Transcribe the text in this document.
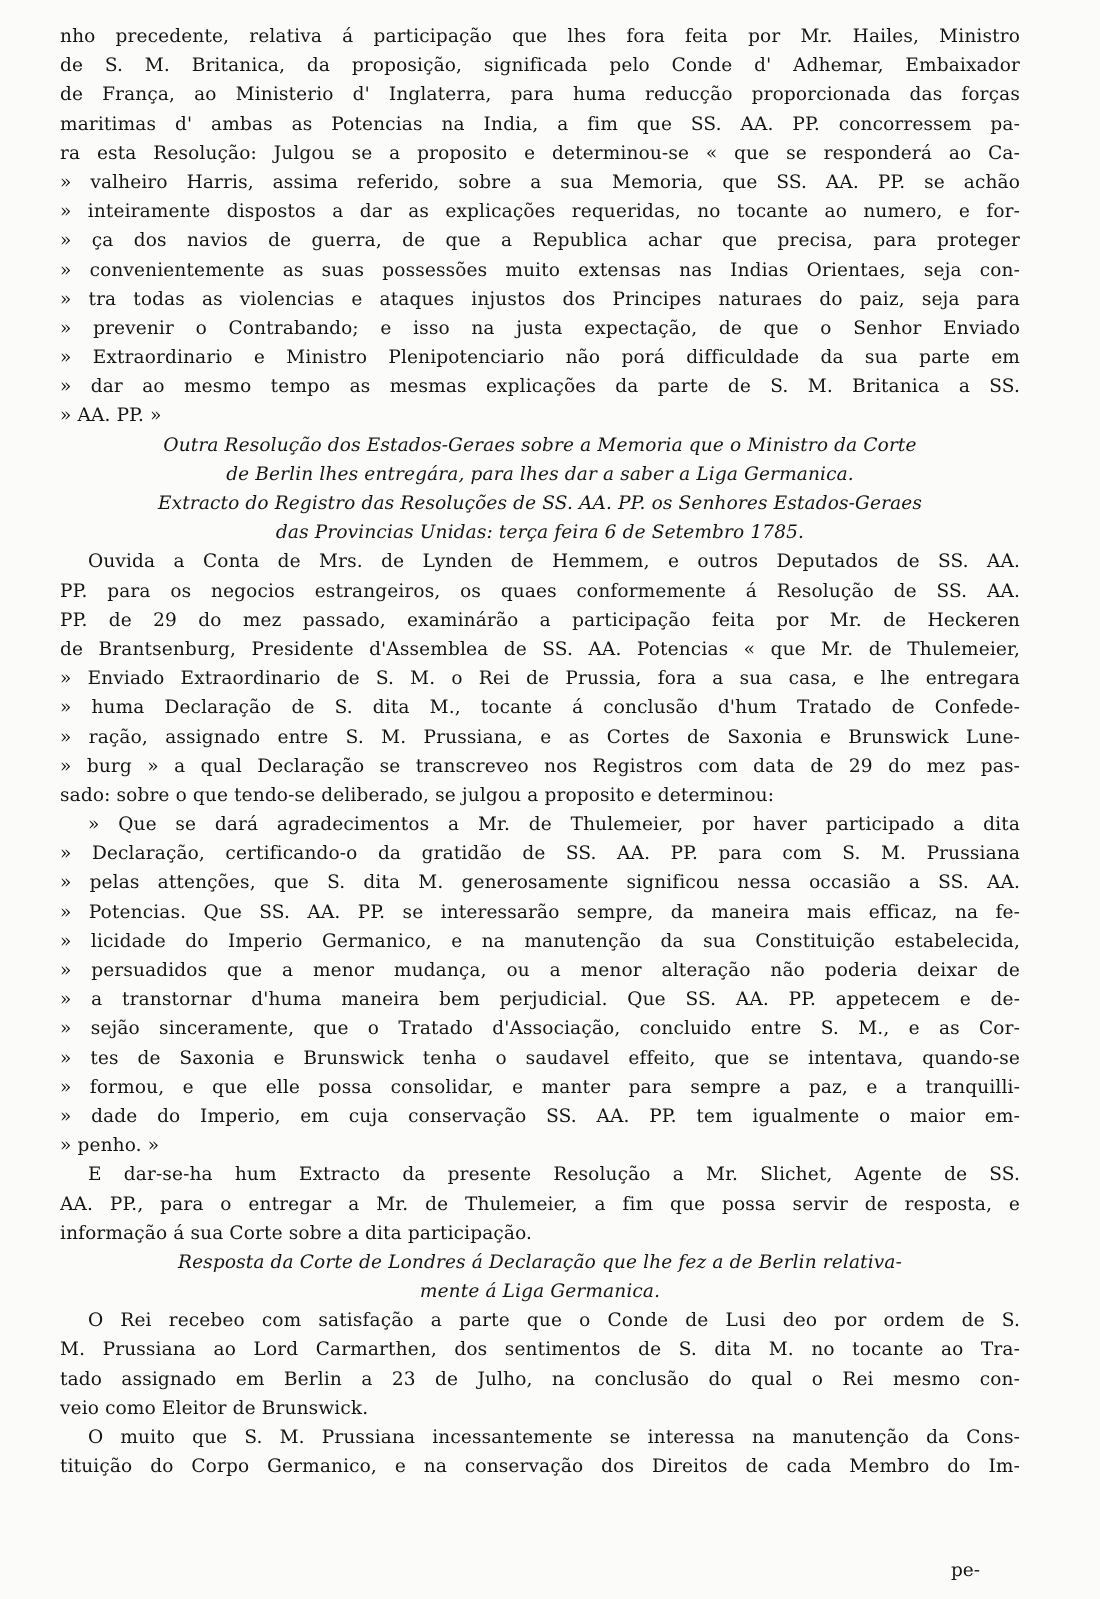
nho precedente, relativa á participação que lhes fora feita por Mr. Hailes, Ministro
de S. M. Britanica, da proposição, significada pelo Conde d' Adhemar, Embaixador
de França, ao Ministerio d' Inglaterra, para huma reducção proporcionada das forças
maritimas d' ambas as Potencias na India, a fim que SS. AA. PP. concorressem pa-
ra esta Resolução: Julgou se a proposito e determinou-se « que se responderá ao Ca-
» valheiro Harris, assima referido, sobre a sua Memoria, que SS. AA. PP. se achão
» inteiramente dispostos a dar as explicações requeridas, no tocante ao numero, e for-
» ça dos navios de guerra, de que a Republica achar que precisa, para proteger
» convenientemente as suas possessões muito extensas nas Indias Orientaes, seja con-
» tra todas as violencias e ataques injustos dos Principes naturaes do paiz, seja para
» prevenir o Contrabando; e isso na justa expectação, de que o Senhor Enviado
» Extraordinario e Ministro Plenipotenciario não porá difficuldade da sua parte em
» dar ao mesmo tempo as mesmas explicações da parte de S. M. Britanica a SS.
» AA. PP. »
Outra Resolução dos Estados-Geraes sobre a Memoria que o Ministro da Corte
de Berlin lhes entregára, para lhes dar a saber a Liga Germanica.
Extracto do Registro das Resoluções de SS. AA. PP. os Senhores Estados-Geraes
das Provincias Unidas: terça feira 6 de Setembro 1785.
Ouvida a Conta de Mrs. de Lynden de Hemmem, e outros Deputados de SS. AA.
PP. para os negocios estrangeiros, os quaes conformemente á Resolução de SS. AA.
PP. de 29 do mez passado, examinárão a participação feita por Mr. de Heckeren
de Brantsenburg, Presidente d'Assemblea de SS. AA. Potencias « que Mr. de Thulemeier,
» Enviado Extraordinario de S. M. o Rei de Prussia, fora a sua casa, e lhe entregara
» huma Declaração de S. dita M., tocante á conclusão d'hum Tratado de Confede-
» ração, assignado entre S. M. Prussiana, e as Cortes de Saxonia e Brunswick Lune-
» burg » a qual Declaração se transcreveo nos Registros com data de 29 do mez pas-
sado: sobre o que tendo-se deliberado, se julgou a proposito e determinou:
» Que se dará agradecimentos a Mr. de Thulemeier, por haver participado a dita
» Declaração, certificando-o da gratidão de SS. AA. PP. para com S. M. Prussiana
» pelas attenções, que S. dita M. generosamente significou nessa occasião a SS. AA.
» Potencias. Que SS. AA. PP. se interessarão sempre, da maneira mais efficaz, na fe-
» licidade do Imperio Germanico, e na manutenção da sua Constituição estabelecida,
» persuadidos que a menor mudança, ou a menor alteração não poderia deixar de
» a transtornar d'huma maneira bem perjudicial. Que SS. AA. PP. appetecem e de-
» sejão sinceramente, que o Tratado d'Associação, concluido entre S. M., e as Cor-
» tes de Saxonia e Brunswick tenha o saudavel effeito, que se intentava, quando-se
» formou, e que elle possa consolidar, e manter para sempre a paz, e a tranquilli-
» dade do Imperio, em cuja conservação SS. AA. PP. tem igualmente o maior em-
» penho. »
E dar-se-ha hum Extracto da presente Resolução a Mr. Slichet, Agente de SS.
AA. PP., para o entregar a Mr. de Thulemeier, a fim que possa servir de resposta, e
informação á sua Corte sobre a dita participação.
Resposta da Corte de Londres á Declaração que lhe fez a de Berlin relativa-
mente á Liga Germanica.
O Rei recebeo com satisfação a parte que o Conde de Lusi deo por ordem de S.
M. Prussiana ao Lord Carmarthen, dos sentimentos de S. dita M. no tocante ao Tra-
tado assignado em Berlin a 23 de Julho, na conclusão do qual o Rei mesmo con-
veio como Eleitor de Brunswick.
O muito que S. M. Prussiana incessantemente se interessa na manutenção da Cons-
tituição do Corpo Germanico, e na conservação dos Direitos de cada Membro do Im-
pe-
